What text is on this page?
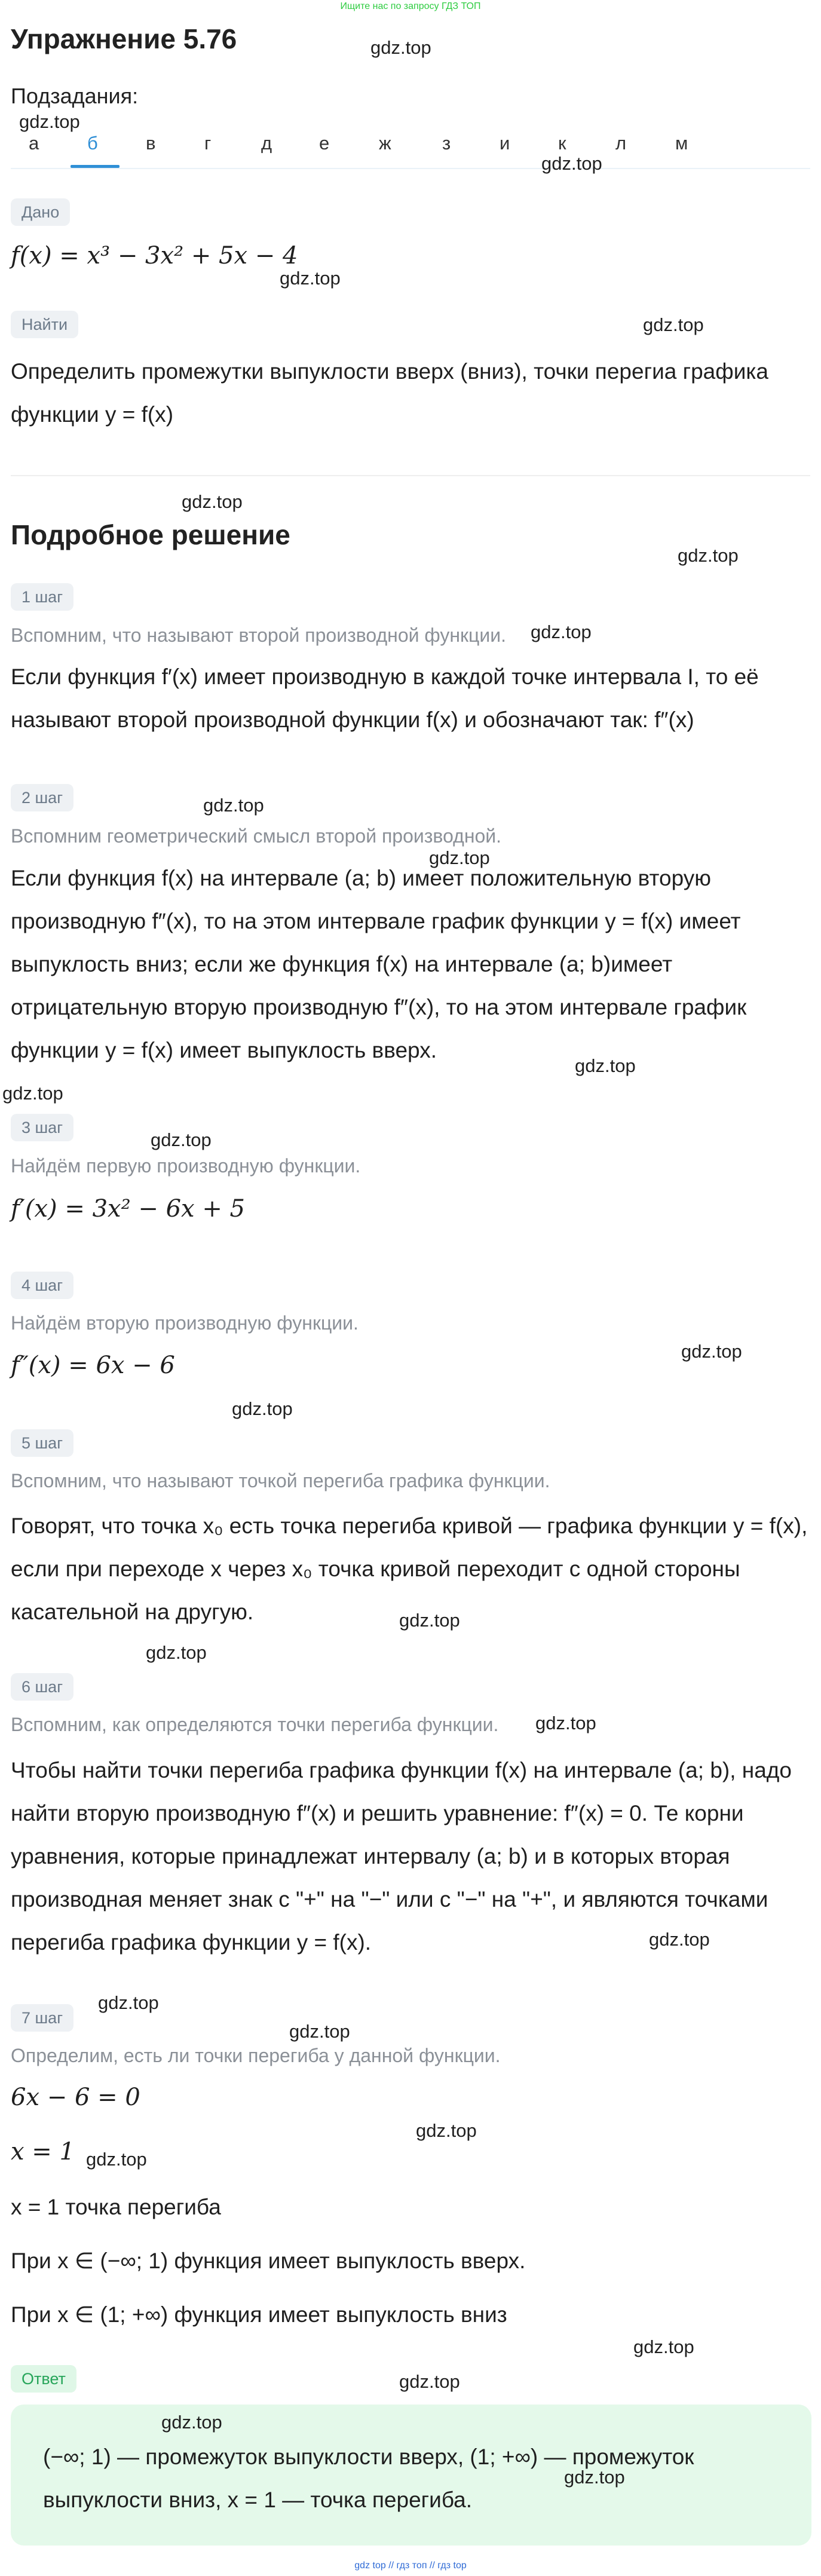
Ищите нас по запросу ГДЗ ТОП
Упражнение 5.76
Подзадания:
а	б	в	г	д	е	ж	з	и	к	л	м
Дано
f(x) = x³ − 3x² + 5x − 4
Найти
Определить промежутки выпуклости вверх (вниз), точки перегиа графика функции y = f(x)
Подробное решение
1 шаг
Вспомним, что называют второй производной функции.
Если функция f′(x) имеет производную в каждой точке интервала I, то её называют второй производной функции f(x) и обозначают так: f″(x)
2 шаг
Вспомним геометрический смысл второй производной.
Если функция f(x) на интервале (a; b) имеет положительную вторую производную f″(x), то на этом интервале график функции y = f(x) имеет выпуклость вниз; если же функция f(x) на интервале (a; b)имеет отрицательную вторую производную f″(x), то на этом интервале график функции y = f(x) имеет выпуклость вверх.
3 шаг
Найдём первую производную функции.
f′(x) = 3x² − 6x + 5
4 шаг
Найдём вторую производную функции.
f″(x) = 6x − 6
5 шаг
Вспомним, что называют точкой перегиба графика функции.
Говорят, что точка x₀ есть точка перегиба кривой — графика функции y = f(x), если при переходе x через x₀ точка кривой переходит с одной стороны касательной на другую.
6 шаг
Вспомним, как определяются точки перегиба функции.
Чтобы найти точки перегиба графика функции f(x) на интервале (a; b), надо найти вторую производную f″(x) и решить уравнение: f″(x) = 0. Те корни уравнения, которые принадлежат интервалу (a; b) и в которых вторая производная меняет знак с "+" на "−" или с "−" на "+", и являются точками перегиба графика функции y = f(x).
7 шаг
Определим, есть ли точки перегиба у данной функции.
6x − 6 = 0
x = 1
x = 1 точка перегиба
При x ∈ (−∞; 1) функция имеет выпуклость вверх.
При x ∈ (1; +∞) функция имеет выпуклость вниз
Ответ
(−∞; 1) — промежуток выпуклости вверх, (1; +∞) — промежуток выпуклости вниз, x = 1 — точка перегиба.
gdz.top
gdz.top
gdz.top
gdz.top
gdz.top
gdz.top
gdz.top
gdz.top
gdz.top
gdz.top
gdz.top
gdz.top
gdz.top
gdz.top
gdz.top
gdz.top
gdz.top
gdz.top
gdz.top
gdz.top
gdz.top
gdz.top
gdz.top
gdz.top
gdz.top
gdz.top
gdz.top
gdz top // гдз топ // гдз top
